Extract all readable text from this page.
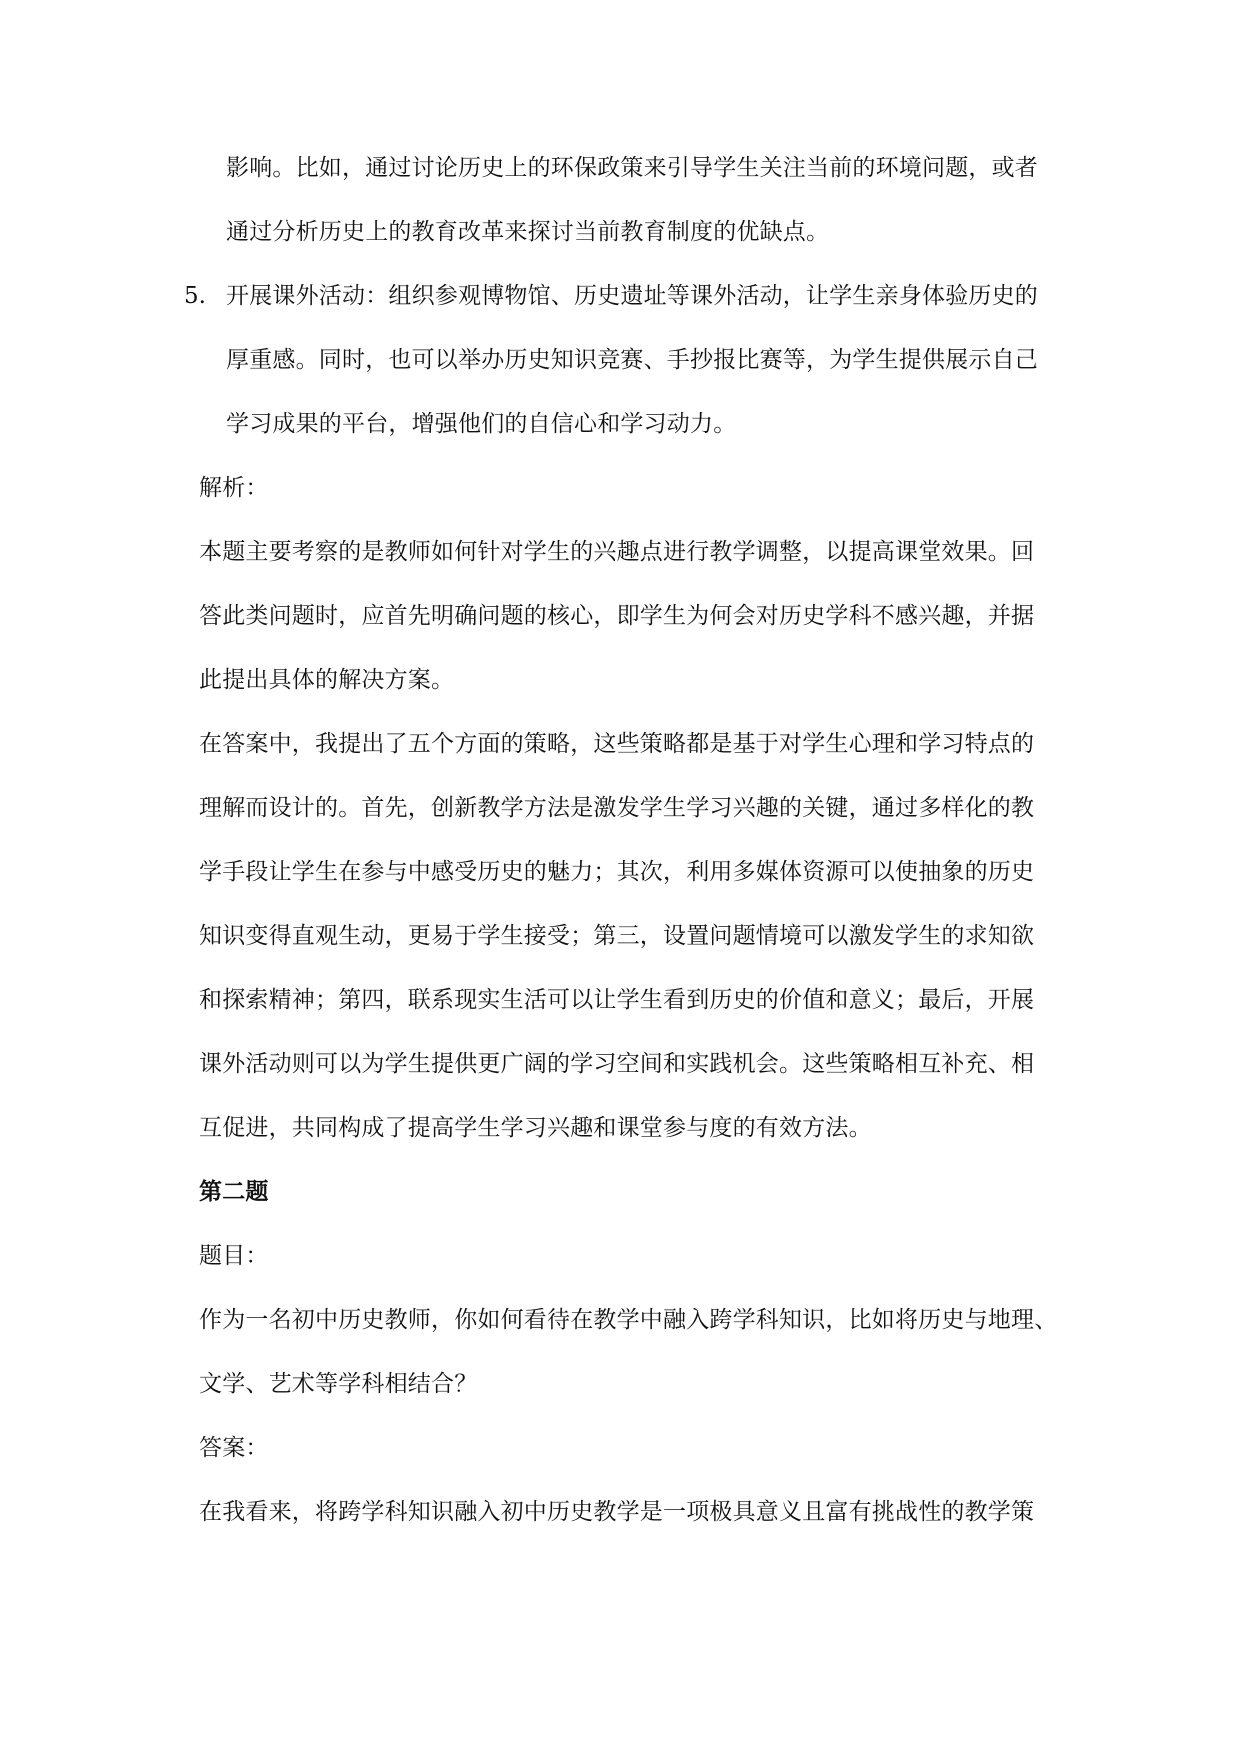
影响。比如，通过讨论历史上的环保政策来引导学生关注当前的环境问题，或者
通过分析历史上的教育改革来探讨当前教育制度的优缺点。
5. 开展课外活动：组织参观博物馆、历史遗址等课外活动，让学生亲身体验历史的
厚重感。同时，也可以举办历史知识竞赛、手抄报比赛等，为学生提供展示自己
学习成果的平台，增强他们的自信心和学习动力。
解析：
本题主要考察的是教师如何针对学生的兴趣点进行教学调整，以提高课堂效果。回
答此类问题时，应首先明确问题的核心，即学生为何会对历史学科不感兴趣，并据
此提出具体的解决方案。
在答案中，我提出了五个方面的策略，这些策略都是基于对学生心理和学习特点的
理解而设计的。首先，创新教学方法是激发学生学习兴趣的关键，通过多样化的教
学手段让学生在参与中感受历史的魅力；其次，利用多媒体资源可以使抽象的历史
知识变得直观生动，更易于学生接受；第三，设置问题情境可以激发学生的求知欲
和探索精神；第四，联系现实生活可以让学生看到历史的价值和意义；最后，开展
课外活动则可以为学生提供更广阔的学习空间和实践机会。这些策略相互补充、相
互促进，共同构成了提高学生学习兴趣和课堂参与度的有效方法。
第二题
题目：
作为一名初中历史教师，你如何看待在教学中融入跨学科知识，比如将历史与地理、
文学、艺术等学科相结合？
答案：
在我看来，将跨学科知识融入初中历史教学是一项极具意义且富有挑战性的教学策
